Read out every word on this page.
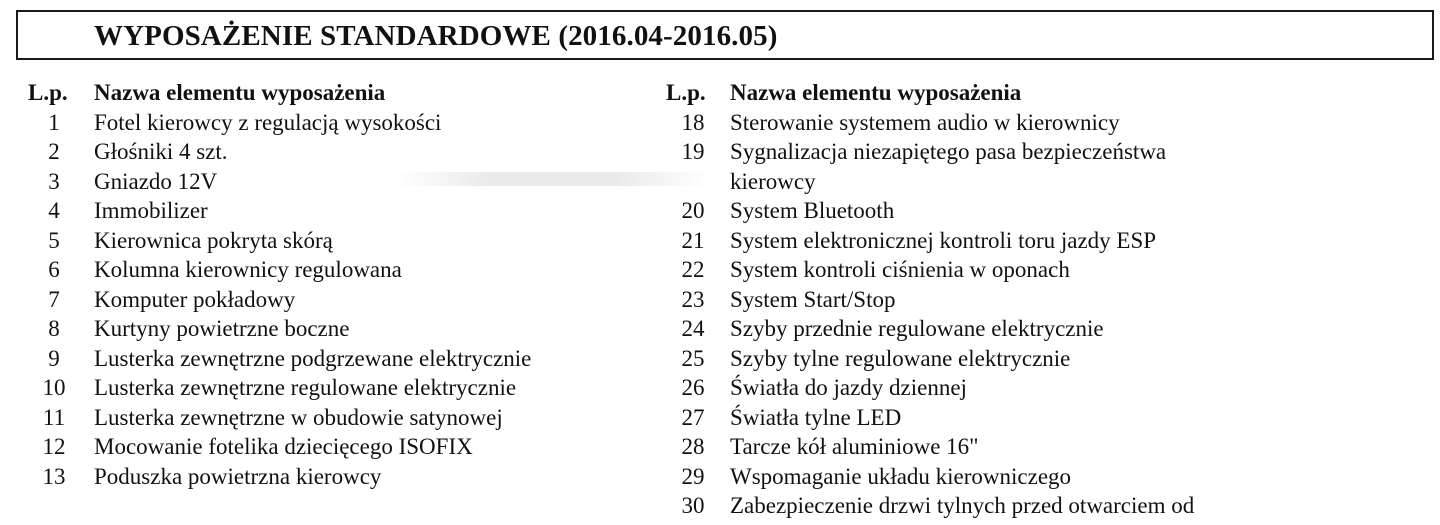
WYPOSAŻENIE STANDARDOWE (2016.04-2016.05)
L.p.	Nazwa elementu wyposażenia
1	Fotel kierowcy z regulacją wysokości
2	Głośniki 4 szt.
3	Gniazdo 12V
4	Immobilizer
5	Kierownica pokryta skórą
6	Kolumna kierownicy regulowana
7	Komputer pokładowy
8	Kurtyny powietrzne boczne
9	Lusterka zewnętrzne podgrzewane elektrycznie
10	Lusterka zewnętrzne regulowane elektrycznie
11	Lusterka zewnętrzne w obudowie satynowej
12	Mocowanie fotelika dziecięcego ISOFIX
13	Poduszka powietrzna kierowcy
L.p.	Nazwa elementu wyposażenia
18	Sterowanie systemem audio w kierownicy
19	Sygnalizacja niezapiętego pasa bezpieczeństwa kierowcy
20	System Bluetooth
21	System elektronicznej kontroli toru jazdy ESP
22	System kontroli ciśnienia w oponach
23	System Start/Stop
24	Szyby przednie regulowane elektrycznie
25	Szyby tylne regulowane elektrycznie
26	Światła do jazdy dziennej
27	Światła tylne LED
28	Tarcze kół aluminiowe 16"
29	Wspomaganie układu kierowniczego
30	Zabezpieczenie drzwi tylnych przed otwarciem od
